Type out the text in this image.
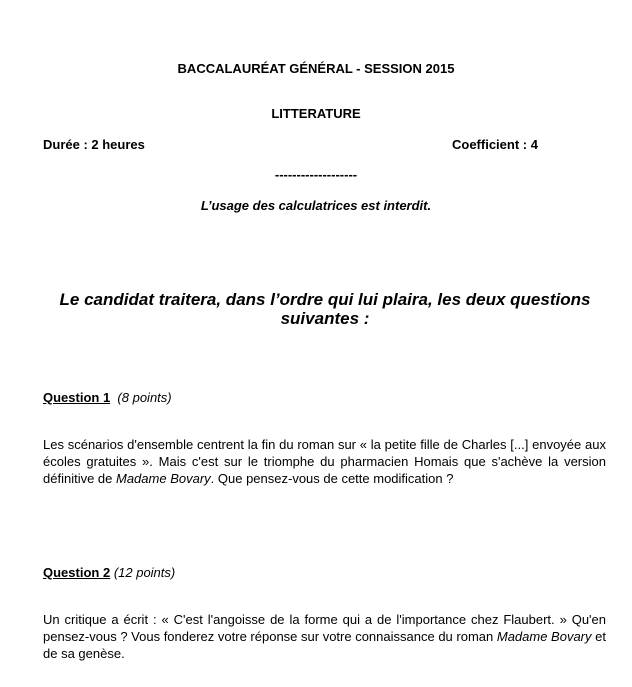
BACCALAURÉAT GÉNÉRAL - SESSION 2015
LITTERATURE
Durée : 2 heures	Coefficient : 4
-------------------
L’usage des calculatrices est interdit.
Le candidat traitera, dans l’ordre qui lui plaira, les deux questions suivantes :
Question 1 (8 points)
Les scénarios d'ensemble centrent la fin du roman sur « la petite fille de Charles [...] envoyée aux écoles gratuites ». Mais c'est sur le triomphe du pharmacien Homais que s'achève la version définitive de Madame Bovary. Que pensez-vous de cette modification ?
Question 2 (12 points)
Un critique a écrit : « C'est l'angoisse de la forme qui a de l'importance chez Flaubert. » Qu'en pensez-vous ? Vous fonderez votre réponse sur votre connaissance du roman Madame Bovary et de sa genèse.
